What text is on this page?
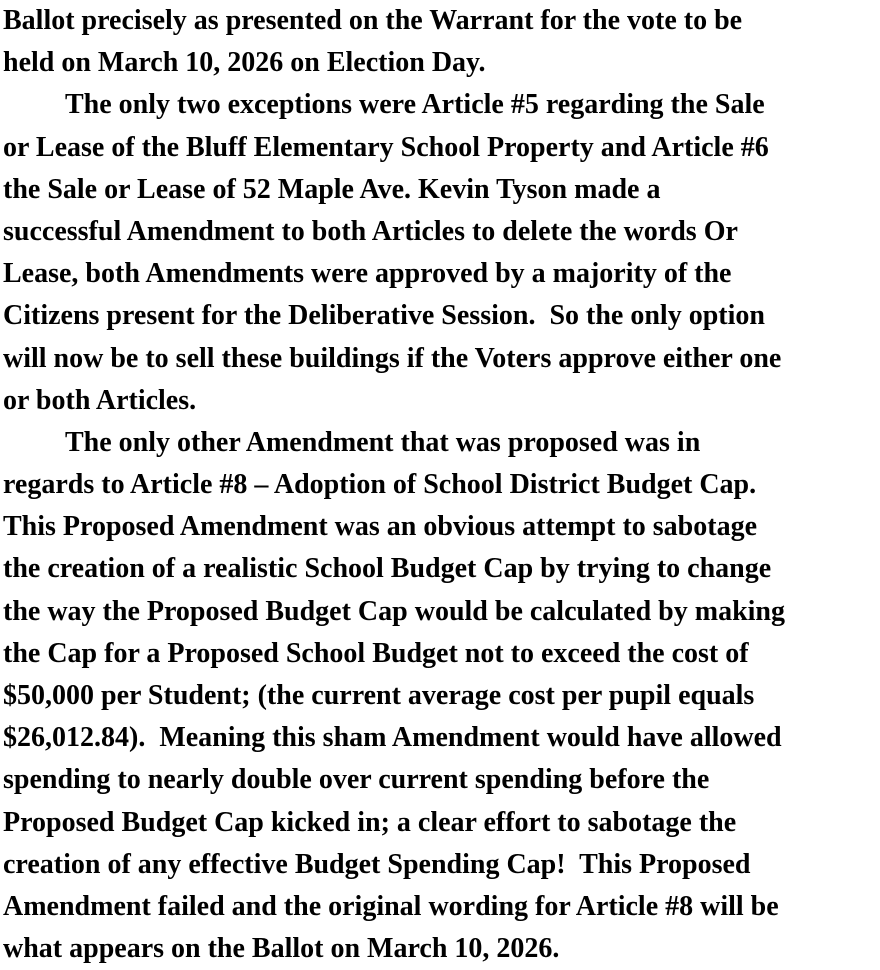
Ballot precisely as presented on the Warrant for the vote to be
held on March 10, 2026 on Election Day.
The only two exceptions were Article #5 regarding the Sale
or Lease of the Bluff Elementary School Property and Article #6
the Sale or Lease of 52 Maple Ave. Kevin Tyson made a
successful Amendment to both Articles to delete the words Or
Lease, both Amendments were approved by a majority of the
Citizens present for the Deliberative Session.  So the only option
will now be to sell these buildings if the Voters approve either one
or both Articles.
The only other Amendment that was proposed was in
regards to Article #8 – Adoption of School District Budget Cap.
This Proposed Amendment was an obvious attempt to sabotage
the creation of a realistic School Budget Cap by trying to change
the way the Proposed Budget Cap would be calculated by making
the Cap for a Proposed School Budget not to exceed the cost of
$50,000 per Student; (the current average cost per pupil equals
$26,012.84).  Meaning this sham Amendment would have allowed
spending to nearly double over current spending before the
Proposed Budget Cap kicked in; a clear effort to sabotage the
creation of any effective Budget Spending Cap!  This Proposed
Amendment failed and the original wording for Article #8 will be
what appears on the Ballot on March 10, 2026.
